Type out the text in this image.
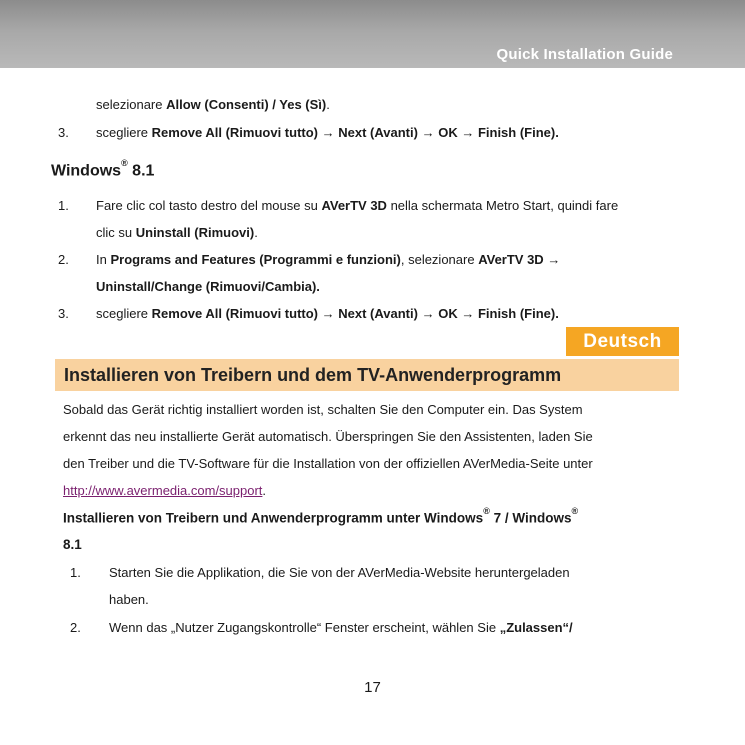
Quick Installation Guide
selezionare Allow (Consenti) / Yes (Sì).
3. scegliere Remove All (Rimuovi tutto) → Next (Avanti) → OK → Finish (Fine).
Windows® 8.1
1. Fare clic col tasto destro del mouse su AVerTV 3D nella schermata Metro Start, quindi fare
clic su Uninstall (Rimuovi).
2. In Programs and Features (Programmi e funzioni), selezionare AVerTV 3D →
Uninstall/Change (Rimuovi/Cambia).
3. scegliere Remove All (Rimuovi tutto) → Next (Avanti) → OK → Finish (Fine).
Deutsch
Installieren von Treibern und dem TV-Anwenderprogramm
Sobald das Gerät richtig installiert worden ist, schalten Sie den Computer ein. Das System
erkennt das neu installierte Gerät automatisch. Überspringen Sie den Assistenten, laden Sie
den Treiber und die TV-Software für die Installation von der offiziellen AVerMedia-Seite unter
http://www.avermedia.com/support.
Installieren von Treibern und Anwenderprogramm unter Windows® 7 / Windows®
8.1
1. Starten Sie die Applikation, die Sie von der AVerMedia-Website heruntergeladen
haben.
2. Wenn das „Nutzer Zugangskontrolle“ Fenster erscheint, wählen Sie „Zulassen“/
17
